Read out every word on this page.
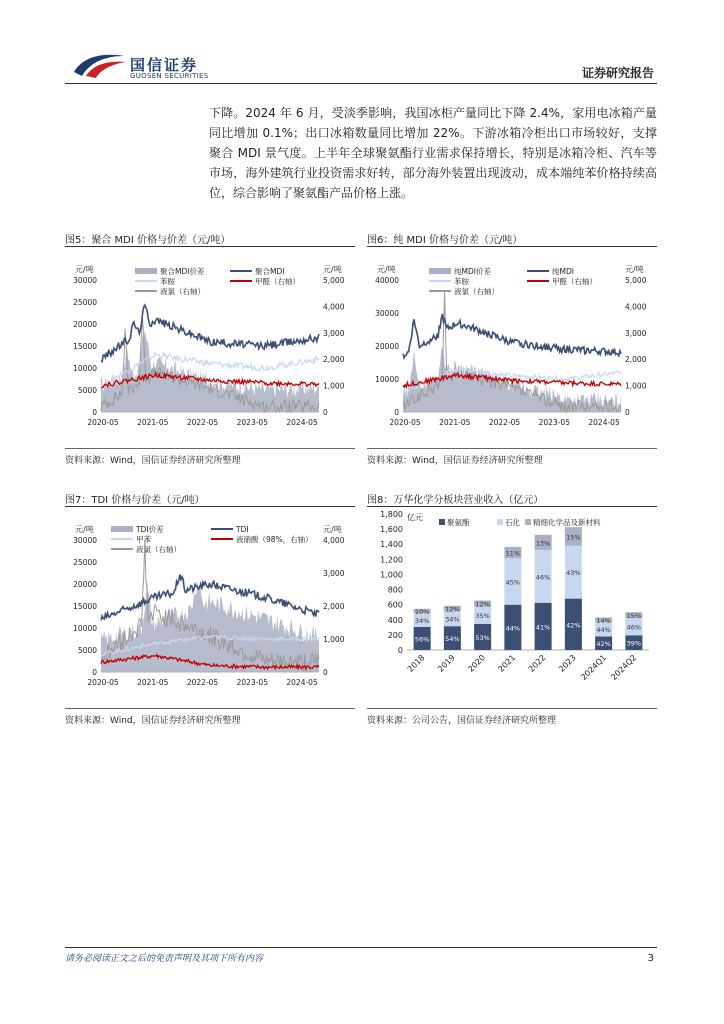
国信证券
GUOSEN SECURITIES	证券研究报告
下降。2024 年 6 月，受淡季影响，我国冰柜产量同比下降 2.4%，家用电冰箱产量同比增加 0.1%；出口冰箱数量同比增加 22%。下游冰箱冷柜出口市场较好，支撑聚合 MDI 景气度。上半年全球聚氨酯行业需求保持增长，特别是冰箱冷柜、汽车等市场，海外建筑行业投资需求好转，部分海外装置出现波动，成本端纯苯价格持续高位，综合影响了聚氨酯产品价格上涨。
图5：聚合 MDI 价格与价差（元/吨）
元/吨	元/吨
聚合MDI价差	聚合MDI
苯胺	甲醛（右轴）
液氯（右轴）
0
5000
10000
15000
20000
25000
30000
0
1,000
2,000
3,000
4,000
5,000
2020-05 2021-05 2022-05 2023-05 2024-05
资料来源：Wind，国信证券经济研究所整理
图6：纯 MDI 价格与价差（元/吨）
元/吨	元/吨
纯MDI价差	纯MDI
苯胺	甲醛（右轴）
液氯（右轴）
0
10000
20000
30000
40000
0
1,000
2,000
3,000
4,000
5,000
2020-05 2021-05 2022-05 2023-05 2024-05
资料来源：Wind，国信证券经济研究所整理
图7：TDI 价格与价差（元/吨）
元/吨	元/吨
TDI价差	TDI
甲苯	液硝酸（98%，右轴）
液氯（右轴）
0
5000
10000
15000
20000
25000
30000
0
1,000
2,000
3,000
4,000
2020-05 2021-05 2022-05 2023-05 2024-05
资料来源：Wind，国信证券经济研究所整理
图8：万华化学分板块营业收入（亿元）
亿元
0
200
400
600
800
1,000
1,200
1,400
1,600
1,800
聚氨酯	石化 精细化学品及新材料
56%
34%
10%
2018
54%
34%
12%
2019
53%
35%
12%
2020
44%
45%
11%
2021
41%
46%
13%
2022
42%
43%
15%
2023
42%
44%
14%
2024Q1
39%
46%
15%
2024Q2
资料来源：公司公告，国信证券经济研究所整理
请务必阅读正文之后的免责声明及其项下所有内容	3
